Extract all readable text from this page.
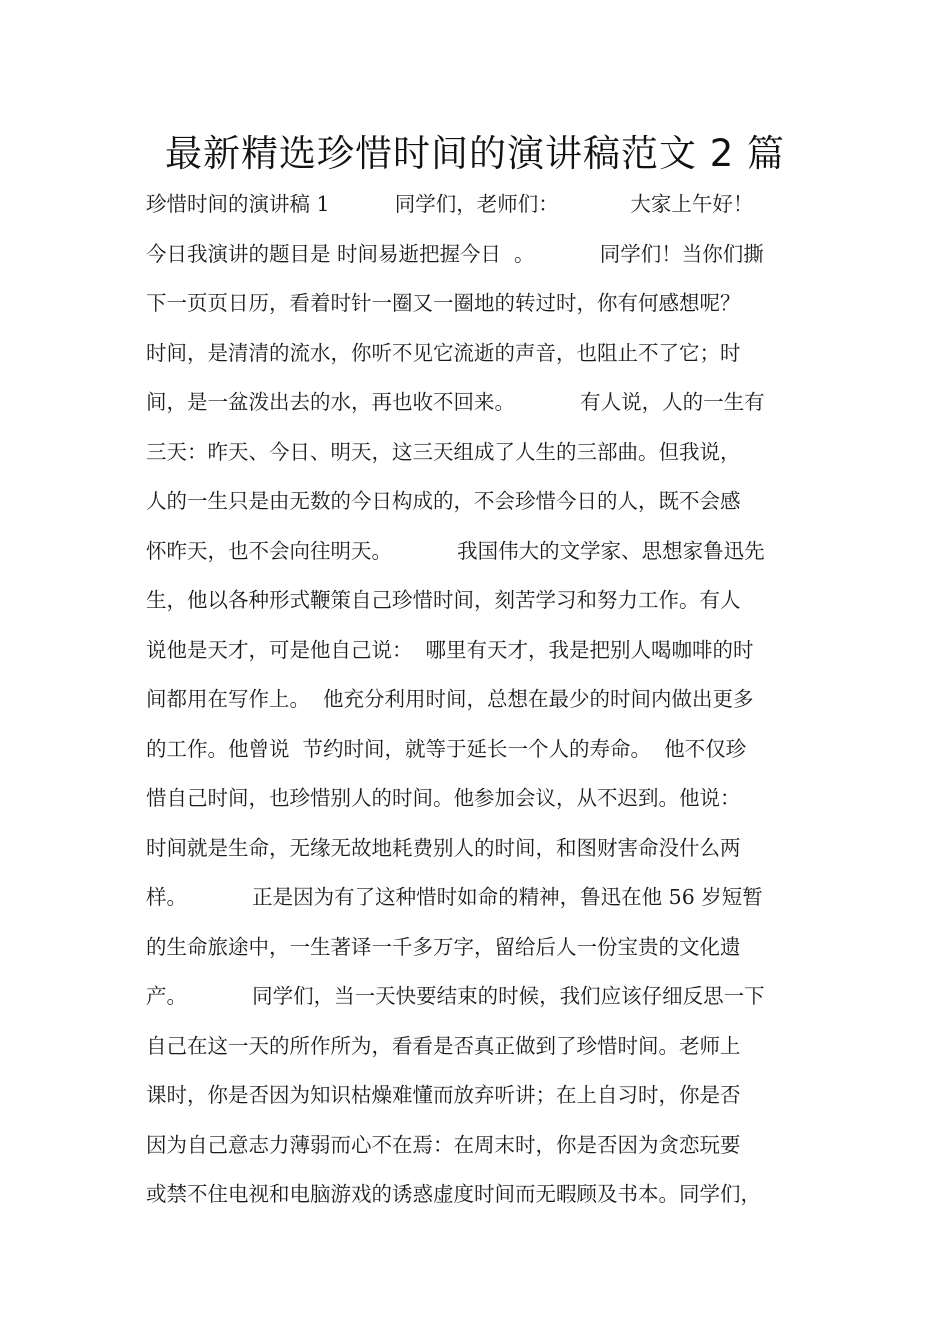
最新精选珍惜时间的演讲稿范文 2 篇
珍惜时间的演讲稿 1          同学们，老师们：           大家上午好！
今日我演讲的题目是 时间易逝把握今日  。          同学们！当你们撕
下一页页日历，看着时针一圈又一圈地的转过时，你有何感想呢？
时间，是清清的流水，你听不见它流逝的声音，也阻止不了它；时
间，是一盆泼出去的水，再也收不回来。          有人说，人的一生有
三天：昨天、今日、明天，这三天组成了人生的三部曲。但我说，
人的一生只是由无数的今日构成的，不会珍惜今日的人，既不会感
怀昨天，也不会向往明天。          我国伟大的文学家、思想家鲁迅先
生，他以各种形式鞭策自己珍惜时间，刻苦学习和努力工作。有人
说他是天才，可是他自己说：  哪里有天才，我是把别人喝咖啡的时
间都用在写作上。  他充分利用时间，总想在最少的时间内做出更多
的工作。他曾说  节约时间，就等于延长一个人的寿命。  他不仅珍
惜自己时间，也珍惜别人的时间。他参加会议，从不迟到。他说：
时间就是生命，无缘无故地耗费别人的时间，和图财害命没什么两
样。          正是因为有了这种惜时如命的精神，鲁迅在他 56 岁短暂
的生命旅途中，一生著译一千多万字，留给后人一份宝贵的文化遗
产。          同学们，当一天快要结束的时候，我们应该仔细反思一下
自己在这一天的所作所为，看看是否真正做到了珍惜时间。老师上
课时，你是否因为知识枯燥难懂而放弃听讲；在上自习时，你是否
因为自己意志力薄弱而心不在焉：在周末时，你是否因为贪恋玩要
或禁不住电视和电脑游戏的诱惑虚度时间而无暇顾及书本。同学们，
